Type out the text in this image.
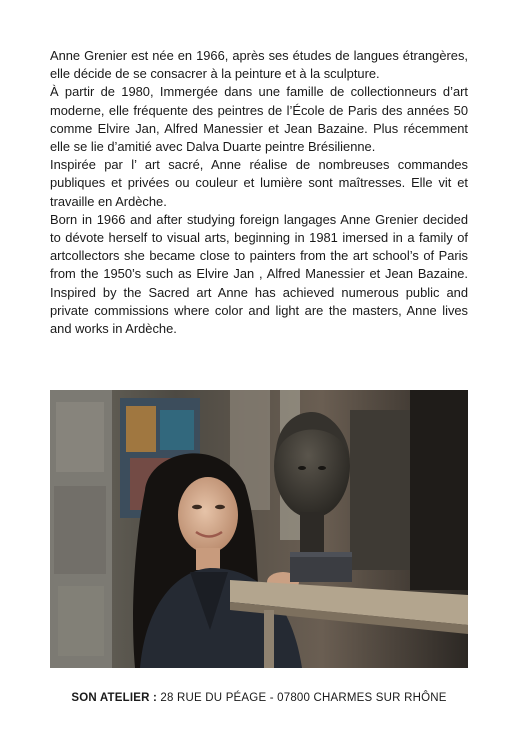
Anne Grenier est née en 1966, après ses études de langues étrangères, elle décide de se consacrer à la peinture et à la sculpture.

À partir de 1980, Immergée dans une famille de collectionneurs d’art moderne, elle fréquente des peintres de l’École de Paris des années 50 comme Elvire Jan, Alfred Manessier et Jean Bazaine. Plus récemment elle se lie d’amitié avec Dalva Duarte peintre Brésilienne.

Inspirée par l’ art sacré, Anne réalise de nombreuses commandes publiques et privées ou couleur et lumière sont maîtresses. Elle vit et travaille en Ardèche.

Born in 1966 and after studying foreign langages Anne Grenier decided to dévote herself to visual arts, beginning in 1981 imersed in a family of artcollectors she became close to painters from the art school’s of Paris from the 1950’s such as Elvire Jan , Alfred Manessier et Jean Bazaine. Inspired by the Sacred art Anne has achieved numerous public and private commissions where color and light are the masters, Anne lives and works in Ardèche.

SON ATELIER : 28 RUE DU PÉAGE - 07800 CHARMES SUR RHÔNE
